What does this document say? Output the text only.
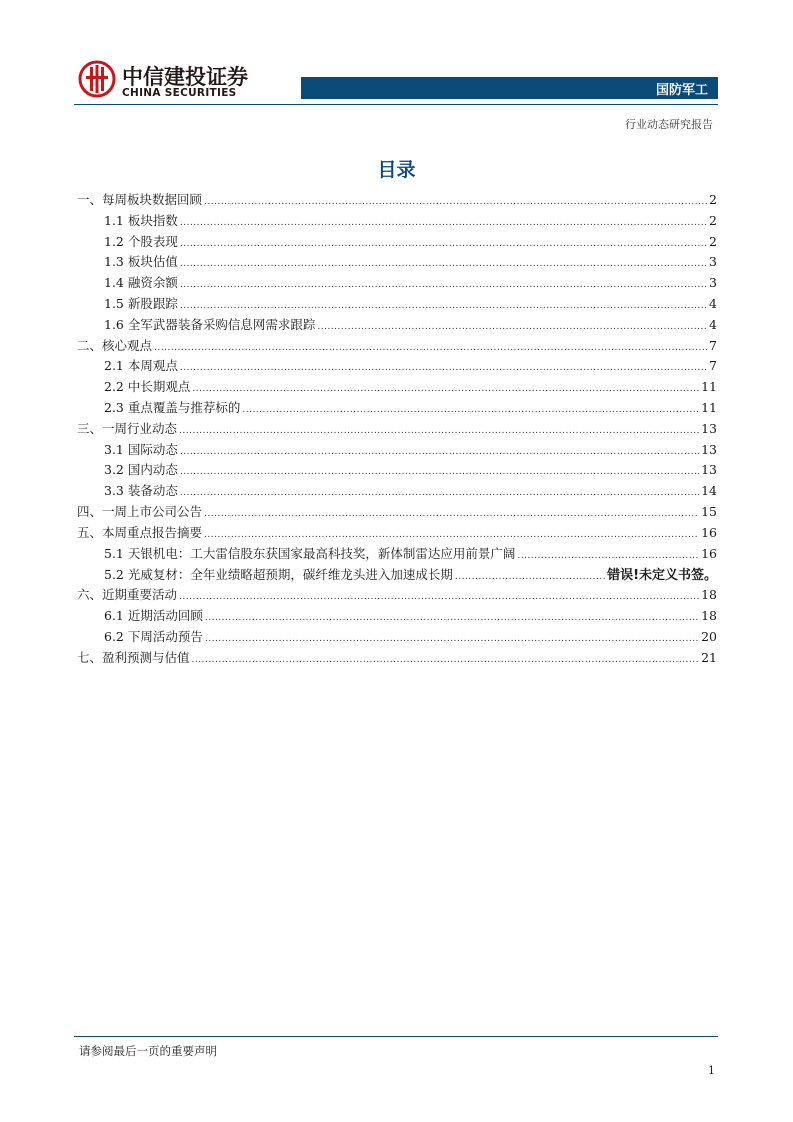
中信建投证券
CHINA SECURITIES	国防军工
行业动态研究报告
目录
一、每周板块数据回顾 .....	2
1.1 板块指数 .....	2
1.2 个股表现 .....	2
1.3 板块估值 .....	3
1.4 融资余额 .....	3
1.5 新股跟踪 .....	4
1.6 全军武器装备采购信息网需求跟踪 .....	4
二、核心观点 .....	7
2.1 本周观点 .....	7
2.2 中长期观点 .....	11
2.3 重点覆盖与推荐标的 .....	11
三、一周行业动态 .....	13
3.1 国际动态 .....	13
3.2 国内动态 .....	13
3.3 装备动态 .....	14
四、一周上市公司公告 .....	15
五、本周重点报告摘要 .....	16
5.1 天银机电：工大雷信股东获国家最高科技奖，新体制雷达应用前景广阔 .....	16
5.2 光威复材：全年业绩略超预期，碳纤维龙头进入加速成长期 .....	错误!未定义书签。
六、近期重要活动 .....	18
6.1 近期活动回顾 .....	18
6.2 下周活动预告 .....	20
七、盈利预测与估值 .....	21
请参阅最后一页的重要声明
1
